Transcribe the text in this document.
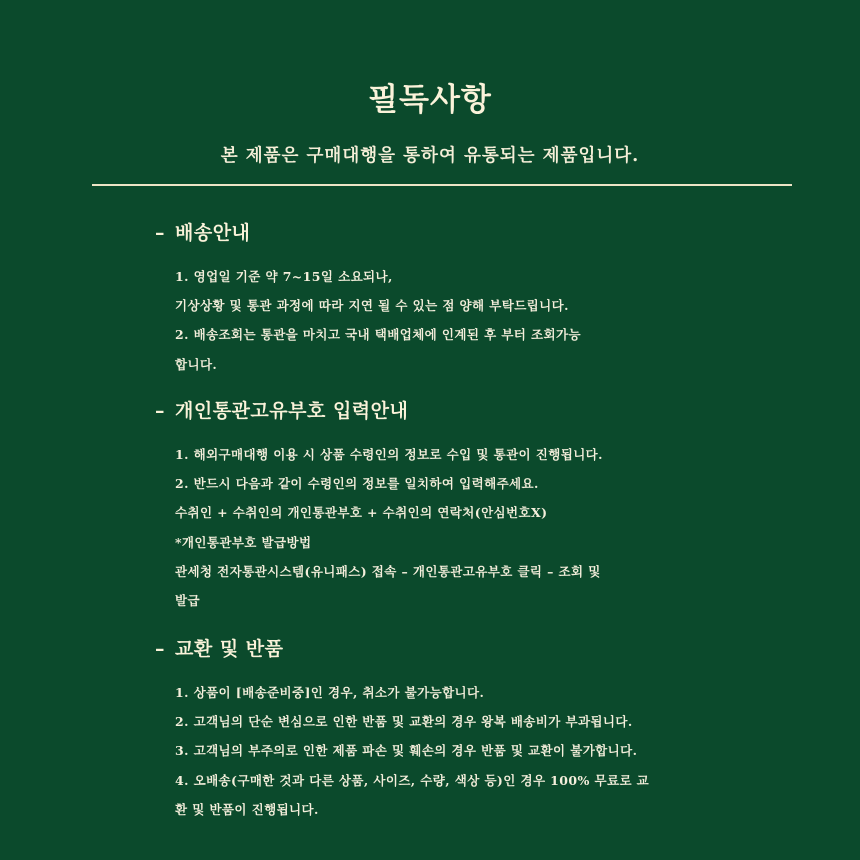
필독사항
본 제품은 구매대행을 통하여 유통되는 제품입니다.
– 배송안내
1. 영업일 기준 약 7~15일 소요되나,
기상상황 및 통관 과정에 따라 지연 될 수 있는 점 양해 부탁드립니다.
2. 배송조회는 통관을 마치고 국내 택배업체에 인계된 후 부터 조회가능
합니다.
– 개인통관고유부호 입력안내
1. 해외구매대행 이용 시 상품 수령인의 정보로 수입 및 통관이 진행됩니다.
2. 반드시 다음과 같이 수령인의 정보를 일치하여 입력해주세요.
수취인 + 수취인의 개인통관부호 + 수취인의 연락처(안심번호X)
*개인통관부호 발급방법
관세청 전자통관시스템(유니패스) 접속 – 개인통관고유부호 클릭 – 조회 및
발급
– 교환 및 반품
1. 상품이 [배송준비중]인 경우, 취소가 불가능합니다.
2. 고객님의 단순 변심으로 인한 반품 및 교환의 경우 왕복 배송비가 부과됩니다.
3. 고객님의 부주의로 인한 제품 파손 및 훼손의 경우 반품 및 교환이 불가합니다.
4. 오배송(구매한 것과 다른 상품, 사이즈, 수량, 색상 등)인 경우 100% 무료로 교
환 및 반품이 진행됩니다.
